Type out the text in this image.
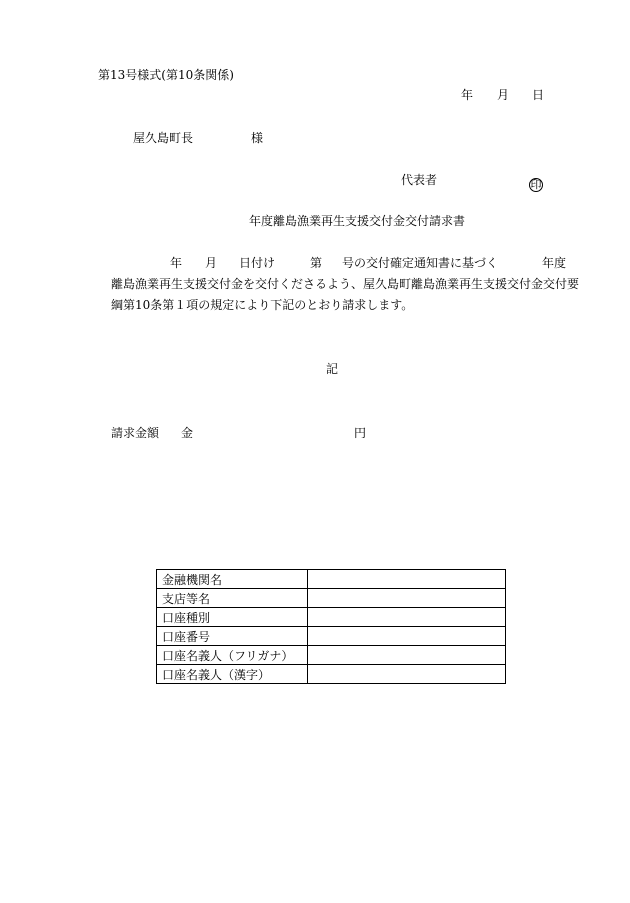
第13号様式(第10条関係)
年 月 日
屋久島町長	様
代表者	印
年度離島漁業再生支援交付金交付請求書
年 月 日付け	第 号の交付確定通知書に基づく	年度
離島漁業再生支援交付金を交付くださるよう、屋久島町離島漁業再生支援交付金交付要
綱第10条第１項の規定により下記のとおり請求します。
記
請求金額 金	円
金融機関名	
支店等名	
口座種別	
口座番号	
口座名義人（フリガナ）	
口座名義人（漢字）	
